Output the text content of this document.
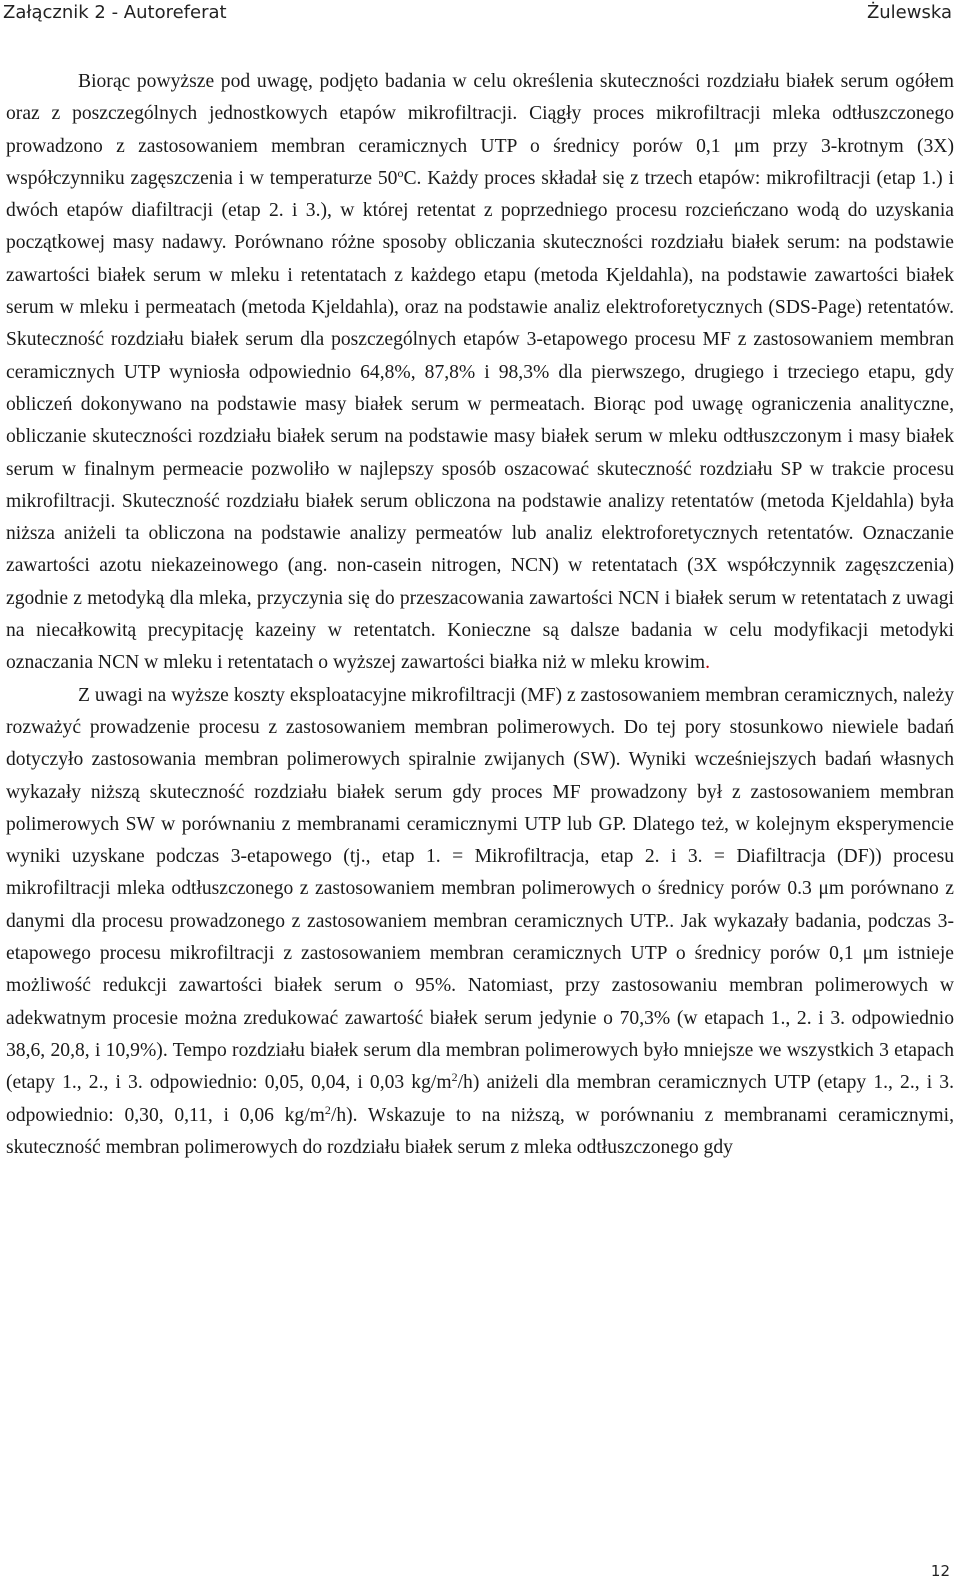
Załącznik 2 - Autoreferat	Żulewska

Biorąc powyższe pod uwagę, podjęto badania w celu określenia skuteczności rozdziału białek serum ogółem oraz z poszczególnych jednostkowych etapów mikrofiltracji. Ciągły proces mikrofiltracji mleka odtłuszczonego prowadzono z zastosowaniem membran ceramicznych UTP o średnicy porów 0,1 μm przy 3-krotnym (3X) współczynniku zagęszczenia i w temperaturze 50$^o$C. Każdy proces składał się z trzech etapów: mikrofiltracji (etap 1.) i dwóch etapów diafiltracji (etap 2. i 3.), w której retentat z poprzedniego procesu rozcieńczano wodą do uzyskania początkowej masy nadawy. Porównano różne sposoby obliczania skuteczności rozdziału białek serum: na podstawie zawartości białek serum w mleku i retentatach z każdego etapu (metoda Kjeldahla), na podstawie zawartości białek serum w mleku i permeatach (metoda Kjeldahla), oraz na podstawie analiz elektroforetycznych (SDS-Page) retentatów. Skuteczność rozdziału białek serum dla poszczególnych etapów 3-etapowego procesu MF z zastosowaniem membran ceramicznych UTP wyniosła odpowiednio 64,8%, 87,8% i 98,3% dla pierwszego, drugiego i trzeciego etapu, gdy obliczeń dokonywano na podstawie masy białek serum w permeatach. Biorąc pod uwagę ograniczenia analityczne, obliczanie skuteczności rozdziału białek serum na podstawie masy białek serum w mleku odtłuszczonym i masy białek serum w finalnym permeacie pozwoliło w najlepszy sposób oszacować skuteczność rozdziału SP w trakcie procesu mikrofiltracji. Skuteczność rozdziału białek serum obliczona na podstawie analizy retentatów (metoda Kjeldahla) była niższa aniżeli ta obliczona na podstawie analizy permeatów lub analiz elektroforetycznych retentatów. Oznaczanie zawartości azotu niekazeinowego (ang. non-casein nitrogen, NCN) w retentatach (3X współczynnik zagęszczenia) zgodnie z metodyką dla mleka, przyczynia się do przeszacowania zawartości NCN i białek serum w retentatach z uwagi na niecałkowitą precypitację kazeiny w retentatch. Konieczne są dalsze badania w celu modyfikacji metodyki oznaczania NCN w mleku i retentatach o wyższej zawartości białka niż w mleku krowim.

Z uwagi na wyższe koszty eksploatacyjne mikrofiltracji (MF) z zastosowaniem membran ceramicznych, należy rozważyć prowadzenie procesu z zastosowaniem membran polimerowych. Do tej pory stosunkowo niewiele badań dotyczyło zastosowania membran polimerowych spiralnie zwijanych (SW). Wyniki wcześniejszych badań własnych wykazały niższą skuteczność rozdziału białek serum gdy proces MF prowadzony był z zastosowaniem membran polimerowych SW w porównaniu z membranami ceramicznymi UTP lub GP. Dlatego też, w kolejnym eksperymencie wyniki uzyskane podczas 3-etapowego (tj., etap 1. = Mikrofiltracja, etap 2. i 3. = Diafiltracja (DF)) procesu mikrofiltracji mleka odtłuszczonego z zastosowaniem membran polimerowych o średnicy porów 0.3 μm porównano z danymi dla procesu prowadzonego z zastosowaniem membran ceramicznych UTP.. Jak wykazały badania, podczas 3-etapowego procesu mikrofiltracji z zastosowaniem membran ceramicznych UTP o średnicy porów 0,1 μm istnieje możliwość redukcji zawartości białek serum o 95%. Natomiast, przy zastosowaniu membran polimerowych w adekwatnym procesie można zredukować zawartość białek serum jedynie o 70,3% (w etapach 1., 2. i 3. odpowiednio 38,6, 20,8, i 10,9%). Tempo rozdziału białek serum dla membran polimerowych było mniejsze we wszystkich 3 etapach (etapy 1., 2., i 3. odpowiednio: 0,05, 0,04, i 0,03 $kg/m^2/h$) aniżeli dla membran ceramicznych UTP (etapy 1., 2., i 3. odpowiednio: 0,30, 0,11, i 0,06 $kg/m^2/h$). Wskazuje to na niższą, w porównaniu z membranami ceramicznymi, skuteczność membran polimerowych do rozdziału białek serum z mleka odtłuszczonego gdy

12
